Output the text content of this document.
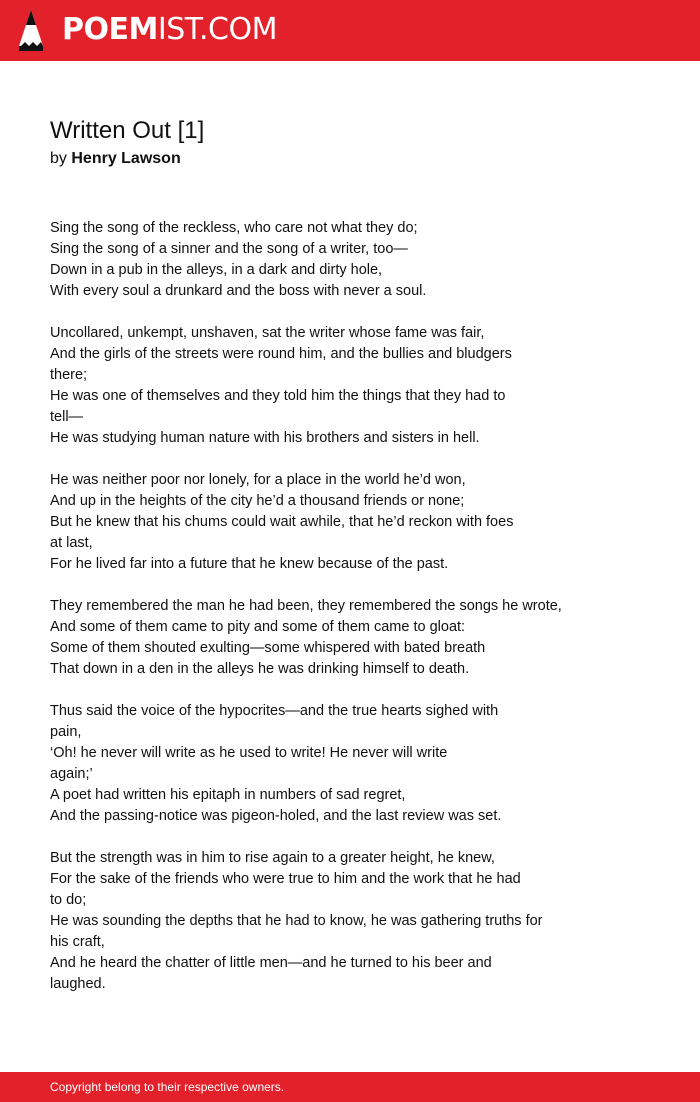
POEMIST.COM
Written Out [1]
by Henry Lawson
Sing the song of the reckless, who care not what they do;
Sing the song of a sinner and the song of a writer, too—
Down in a pub in the alleys, in a dark and dirty hole,
With every soul a drunkard and the boss with never a soul.
Uncollared, unkempt, unshaven, sat the writer whose fame was fair,
And the girls of the streets were round him, and the bullies and bludgers
there;
He was one of themselves and they told him the things that they had to
tell—
He was studying human nature with his brothers and sisters in hell.
He was neither poor nor lonely, for a place in the world he’d won,
And up in the heights of the city he’d a thousand friends or none;
But he knew that his chums could wait awhile, that he’d reckon with foes
at last,
For he lived far into a future that he knew because of the past.
They remembered the man he had been, they remembered the songs he wrote,
And some of them came to pity and some of them came to gloat:
Some of them shouted exulting—some whispered with bated breath
That down in a den in the alleys he was drinking himself to death.
Thus said the voice of the hypocrites—and the true hearts sighed with
pain,
‘Oh! he never will write as he used to write! He never will write
again;’
A poet had written his epitaph in numbers of sad regret,
And the passing-notice was pigeon-holed, and the last review was set.
But the strength was in him to rise again to a greater height, he knew,
For the sake of the friends who were true to him and the work that he had
to do;
He was sounding the depths that he had to know, he was gathering truths for
his craft,
And he heard the chatter of little men—and he turned to his beer and
laughed.
Copyright belong to their respective owners.
